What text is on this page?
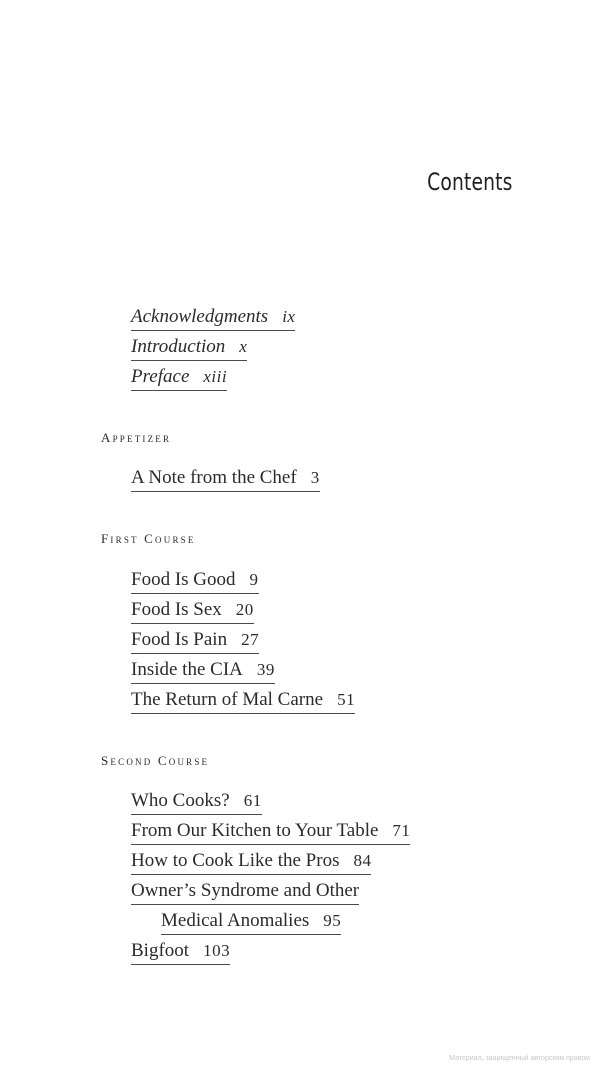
Contents
Acknowledgments ix
Introduction x
Preface xiii
Appetizer
A Note from the Chef 3
First Course
Food Is Good 9
Food Is Sex 20
Food Is Pain 27
Inside the CIA 39
The Return of Mal Carne 51
Second Course
Who Cooks? 61
From Our Kitchen to Your Table 71
How to Cook Like the Pros 84
Owner’s Syndrome and Other
Medical Anomalies 95
Bigfoot 103
Материал, защищенный авторским правом
